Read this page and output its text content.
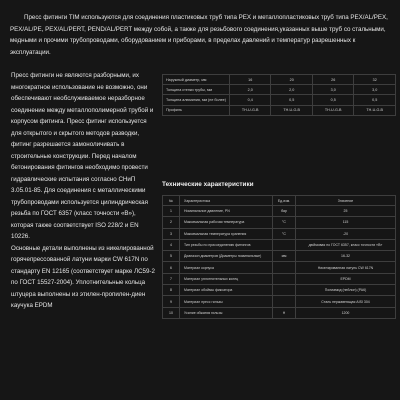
Пресс фитинги TIM используются для соединения пластиковых труб типа PEX и металлопластиковых труб типа PEX/AL/PEX, PEX/AL/PE, PEX/AL/PERT, PEND/AL/PERT между собой, а также для резьбового соединения,указанных выше труб со стальными, медными и прочими трубопроводами, оборудованием и приборами, в пределах давлений и температур разрешенных к эксплуатации.

Пресс фитинги не являются разборными, их многократное использование не возможно, они обеспечивают необслуживаемое неразборное соединение между металлополимерной трубой и корпусом фитинга. Пресс фитинг используется для открытого и скрытого методов разводки, фитинг разрешается замоноличивать в строительные конструкции. Перед началом бетонирования фитингов необходимо провести гидравлические испытания согласно СНиП 3.05.01-85. Для соединения с металлическими трубопроводами используется цилиндрическая резьба по ГОСТ 6357 (класс точности «В»), которая также соответствует ISO 228/2 и EN 10226.

Основные детали выполнены из никелированной горячепрессованной латуни марки CW 617N по стандарту EN 12165 (соответствует марке ЛС59-2 по ГОСТ 15527-2004). Уплотнительные кольца штуцера выполнены из этилен-пропилен-диен каучука EPDM

Наружный диаметр, мм	16	20	26	32
Толщина стенки трубы, мм	2,0	2,0	3,0	3,0
Толщина алюминия, мм (не более)	0,4	0,5	0,5	0,5
Профиль	TH-U-G-B	TH-U-G-B	TH-U-G-B	TH-U-G-B
Технические характеристики
№	Характеристика	Ед.изм.	Значение
1	Номинальное давление, PN	бар	25
2	Максимальная рабочая температура	°С	115
3	Максимальная температура хранения	°С	-20
4	Тип резьбы по присоединению фитингов		дюймовая по ГОСТ 6357, класс точности «В»
5	Диапазон диаметров (Диаметры номинальные)	мм	16-32
6	Материал корпуса		Никелированная латунь CW 617N
7	Материал уплотнительных колец		EPDM
8	Материал обоймы фиксатора		Полиамид (нейлон) (PA6)
9	Материал пресс гильзы		Сталь нержавеющая AISI 304
10	Усилие обжатия гильзы	Н	1200
